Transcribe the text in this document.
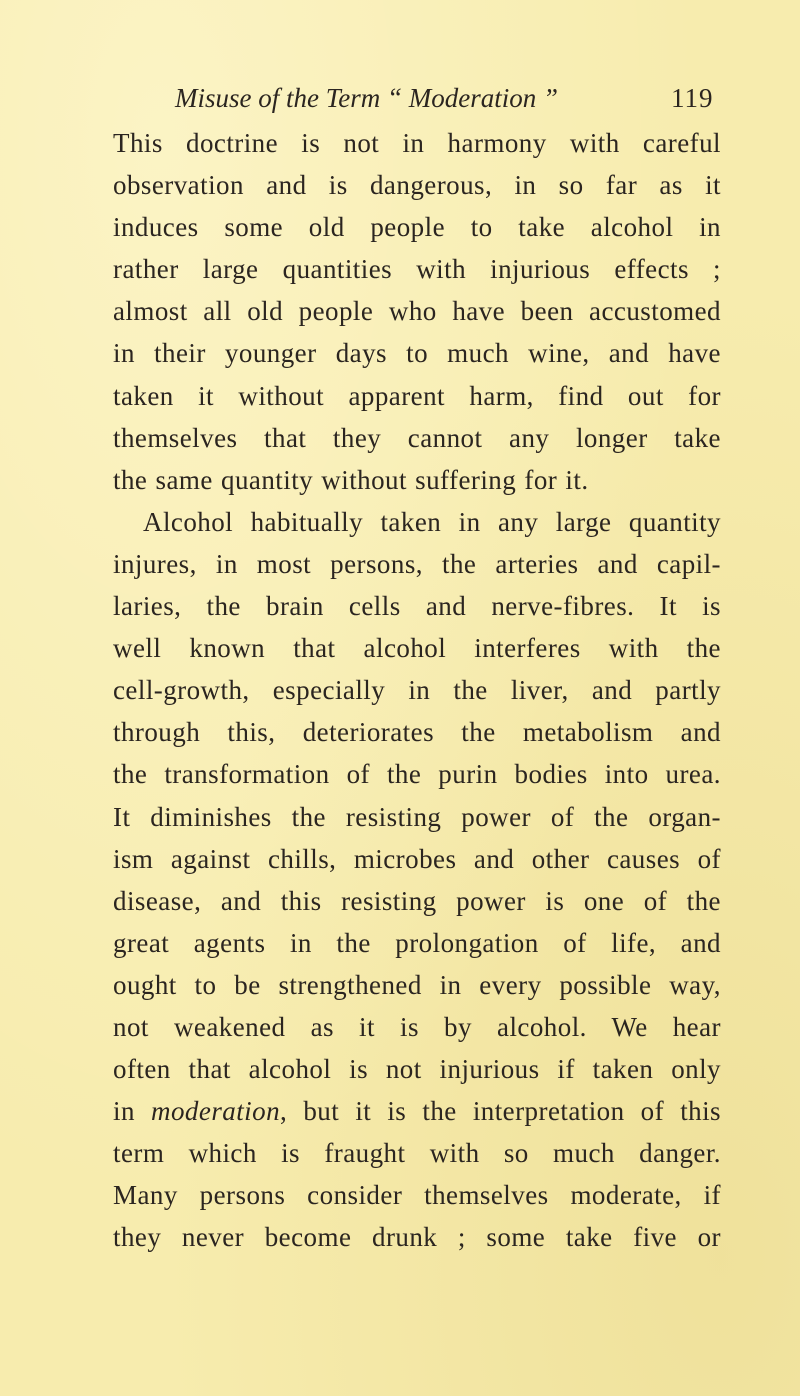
Misuse of the Term “ Moderation ”	119
This doctrine is not in harmony with careful
observation and is dangerous, in so far as it
induces some old people to take alcohol in
rather large quantities with injurious effects ;
almost all old people who have been accustomed
in their younger days to much wine, and have
taken it without apparent harm, find out for
themselves that they cannot any longer take
the same quantity without suffering for it.
Alcohol habitually taken in any large quantity
injures, in most persons, the arteries and capil-
laries, the brain cells and nerve-fibres. It is
well known that alcohol interferes with the
cell-growth, especially in the liver, and partly
through this, deteriorates the metabolism and
the transformation of the purin bodies into urea.
It diminishes the resisting power of the organ-
ism against chills, microbes and other causes of
disease, and this resisting power is one of the
great agents in the prolongation of life, and
ought to be strengthened in every possible way,
not weakened as it is by alcohol. We hear
often that alcohol is not injurious if taken only
in moderation, but it is the interpretation of this
term which is fraught with so much danger.
Many persons consider themselves moderate, if
they never become drunk ; some take five or
